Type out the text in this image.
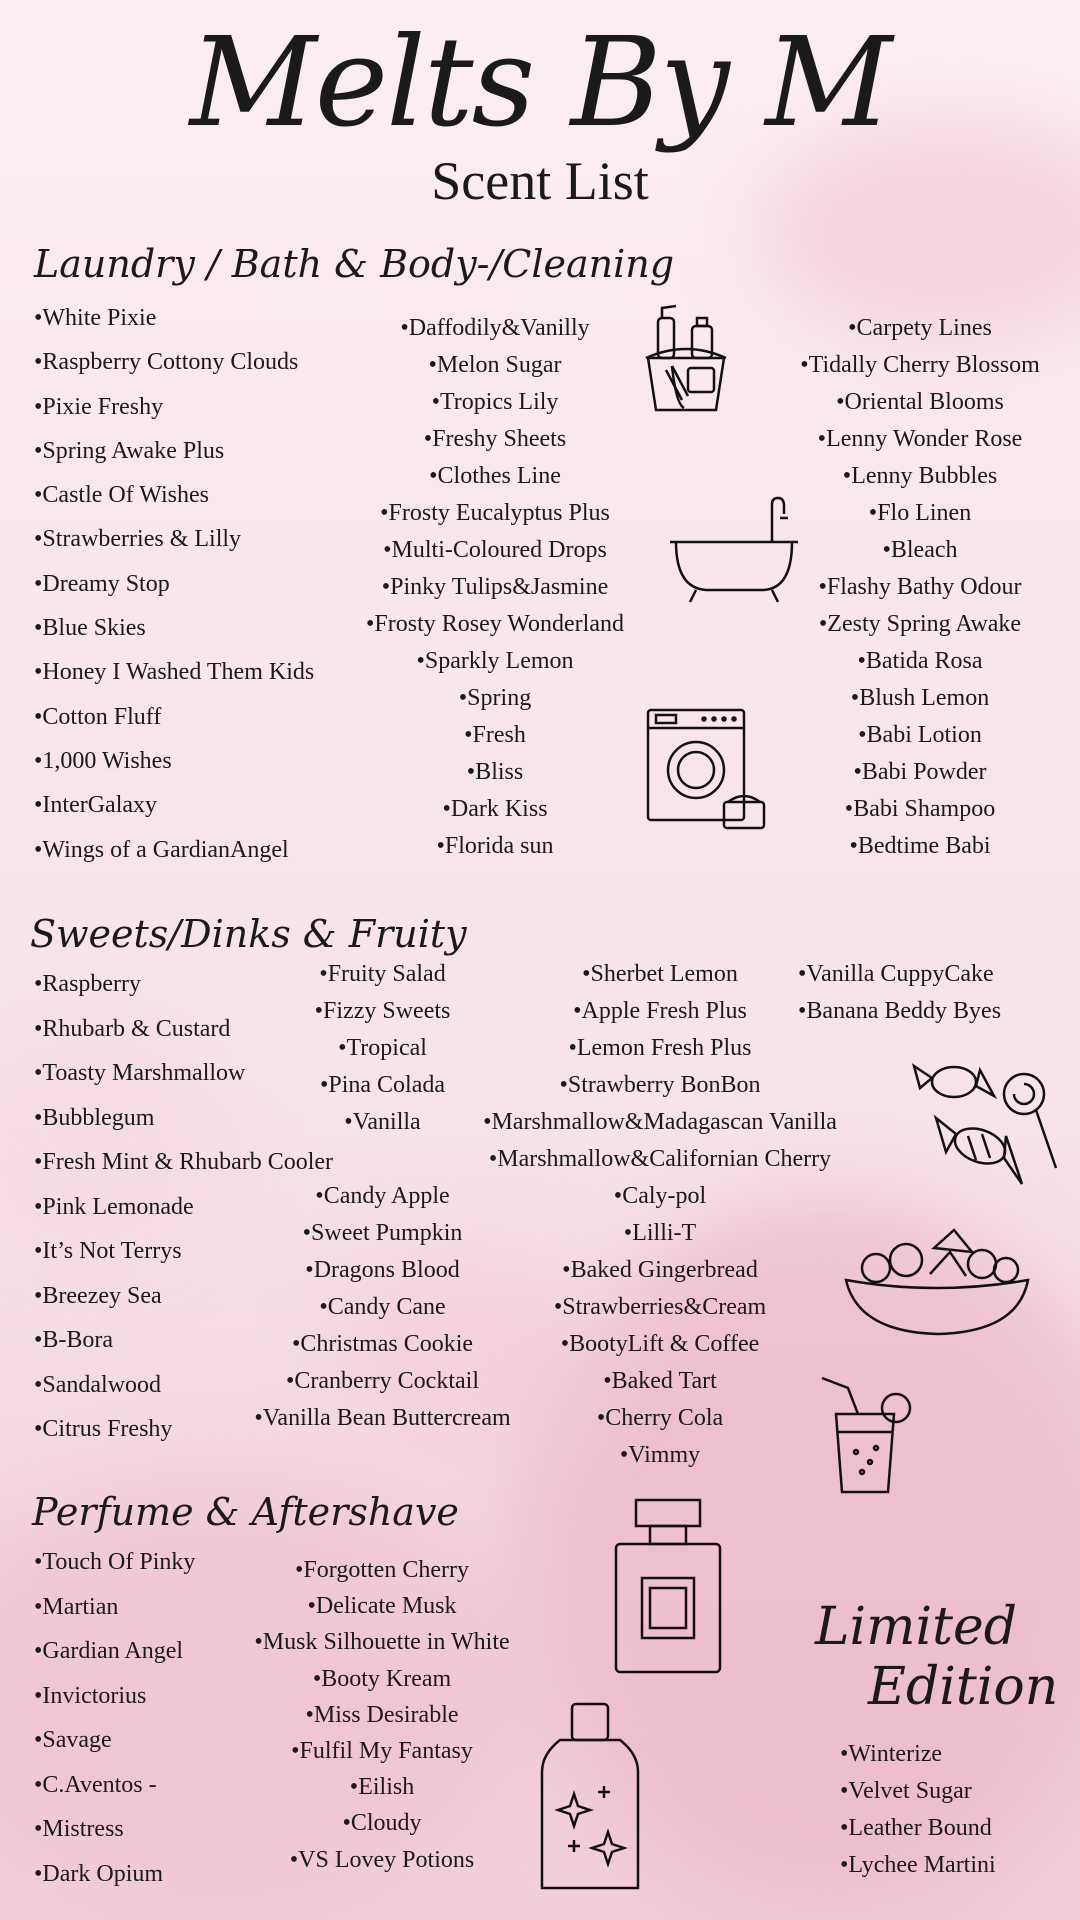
Melts By M
Scent List
Laundry / Bath & Body-/Cleaning
•White Pixie
•Raspberry Cottony Clouds
•Pixie Freshy
•Spring Awake Plus
•Castle Of Wishes
•Strawberries & Lilly
•Dreamy Stop
•Blue Skies
•Honey I Washed Them Kids
•Cotton Fluff
•1,000 Wishes
•InterGalaxy
•Wings of a GardianAngel
•Daffodily&Vanilly
•Melon Sugar
•Tropics Lily
•Freshy Sheets
•Clothes Line
•Frosty Eucalyptus Plus
•Multi-Coloured Drops
•Pinky Tulips&Jasmine
•Frosty Rosey Wonderland
•Sparkly Lemon
•Spring
•Fresh
•Bliss
•Dark Kiss
•Florida sun
•Carpety Lines
•Tidally Cherry Blossom
•Oriental Blooms
•Lenny Wonder Rose
•Lenny Bubbles
•Flo Linen
•Bleach
•Flashy Bathy Odour
•Zesty Spring Awake
•Batida Rosa
•Blush Lemon
•Babi Lotion
•Babi Powder
•Babi Shampoo
•Bedtime Babi
Sweets/Dinks & Fruity
•Raspberry
•Rhubarb & Custard
•Toasty Marshmallow
•Bubblegum
•Fresh Mint & Rhubarb Cooler
•Pink Lemonade
•It’s Not Terrys
•Breezey Sea
•B-Bora
•Sandalwood
•Citrus Freshy
•Fruity Salad
•Fizzy Sweets
•Tropical
•Pina Colada
•Vanilla

•Candy Apple
•Sweet Pumpkin
•Dragons Blood
•Candy Cane
•Christmas Cookie
•Cranberry Cocktail
•Vanilla Bean Buttercream
•Sherbet Lemon
•Apple Fresh Plus
•Lemon Fresh Plus
•Strawberry BonBon
•Marshmallow&Madagascan Vanilla
•Marshmallow&Californian Cherry
•Caly-pol
•Lilli-T
•Baked Gingerbread
•Strawberries&Cream
•BootyLift & Coffee
•Baked Tart
•Cherry Cola
•Vimmy
•Vanilla CuppyCake
•Banana Beddy Byes
Perfume & Aftershave
•Touch Of Pinky
•Martian
•Gardian Angel
•Invictorius
•Savage
•C.Aventos -
•Mistress
•Dark Opium
•Forgotten Cherry
•Delicate Musk
•Musk Silhouette in White
•Booty Kream
•Miss Desirable
•Fulfil My Fantasy
•Eilish
•Cloudy
•VS Lovey Potions
Limited
Edition
•Winterize
•Velvet Sugar
•Leather Bound
•Lychee Martini
